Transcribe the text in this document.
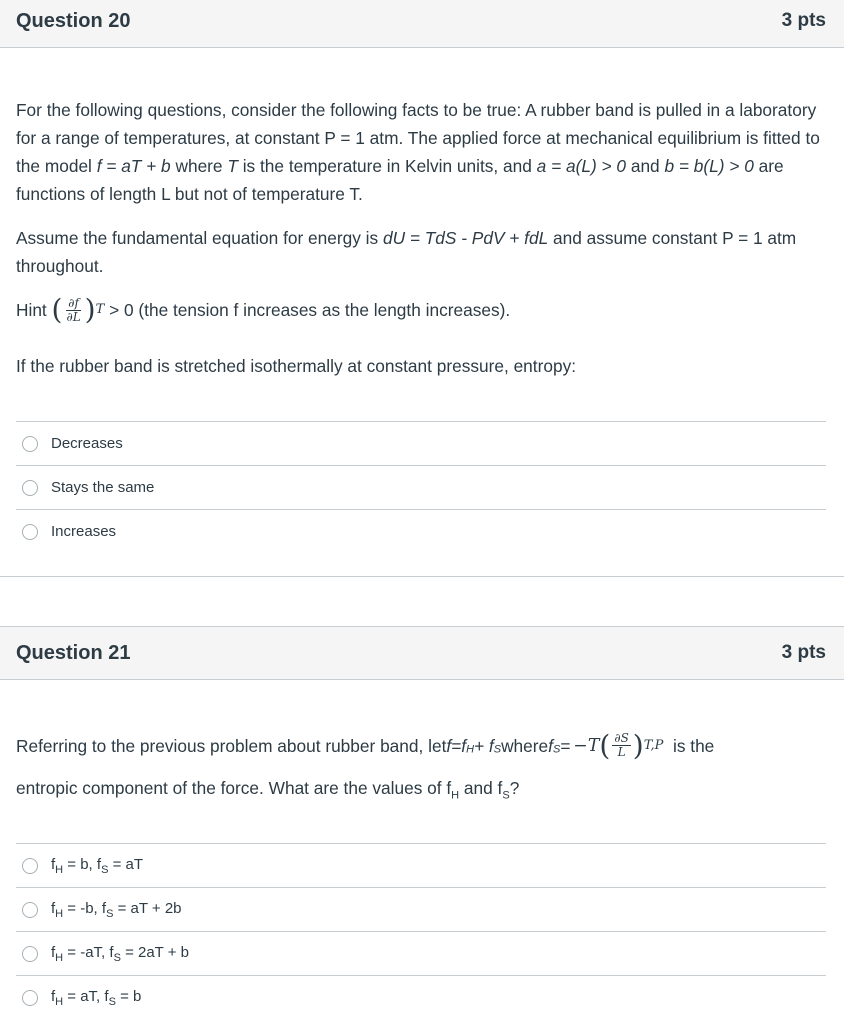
Question 20	3 pts
For the following questions, consider the following facts to be true: A rubber band is pulled in a laboratory for a range of temperatures, at constant P = 1 atm. The applied force at mechanical equilibrium is fitted to the model f = aT + b where T is the temperature in Kelvin units, and a = a(L) > 0 and b = b(L) > 0 are functions of length L but not of temperature T.
Assume the fundamental equation for energy is dU = TdS - PdV + fdL and assume constant P = 1 atm throughout.
Hint
( $\frac{\partial f}{\partial L}$ ) T
> 0 (the tension f increases as the length increases).
If the rubber band is stretched isothermally at constant pressure, entropy:
Decreases
Stays the same
Increases
Question 21	3 pts
Referring to the previous problem about rubber band, let f=f $_H$ + f $_S$ where f $_S$ = −T ( $\frac{\partial S}{L}$ ) T,P
is the
entropic component of the force. What are the values of $f_H$ and $f_S$?
$f_H = b$, $f_S$ = aT
$f_H = -b$, $f_S$ = aT + 2b
$f_H = -aT$, $f_S = 2aT + b$
$f_H$ = aT, $f_S = b$
